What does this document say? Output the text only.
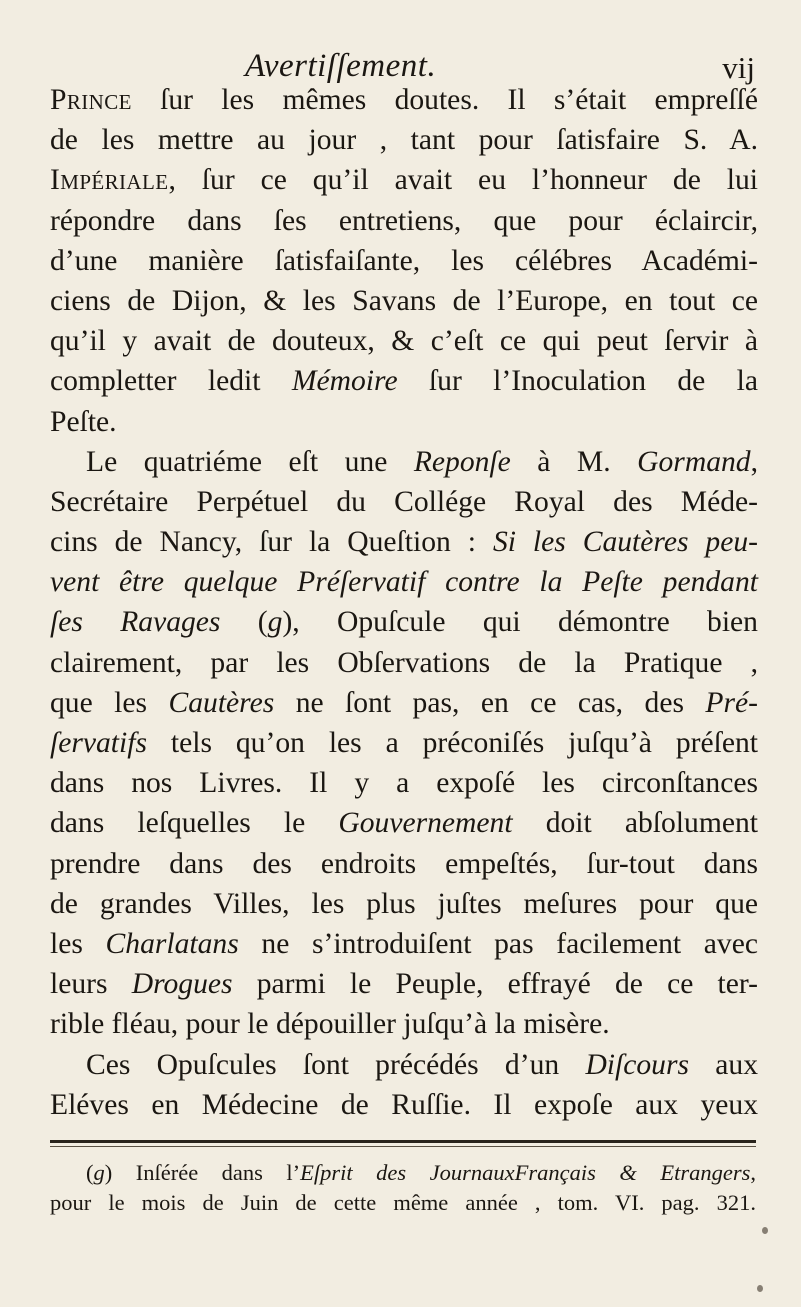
Avertiſſement.	vij
Prince ſur les mêmes doutes. Il s’était empreſſé
de les mettre au jour , tant pour ſatisfaire S. A.
Impériale, ſur ce qu’il avait eu l’honneur de lui
répondre dans ſes entretiens, que pour éclaircir,
d’une manière ſatisfaiſante, les célébres Académi-
ciens de Dijon, & les Savans de l’Europe, en tout ce
qu’il y avait de douteux, & c’eſt ce qui peut ſervir à
completter ledit Mémoire ſur l’Inoculation de la
Peſte.
Le quatriéme eſt une Reponſe à M. Gormand,
Secrétaire Perpétuel du Collége Royal des Méde-
cins de Nancy, ſur la Queſtion : Si les Cautères peu-
vent être quelque Préſervatif contre la Peſte pendant
ſes Ravages (g), Opuſcule qui démontre bien
clairement, par les Obſervations de la Pratique ,
que les Cautères ne ſont pas, en ce cas, des Pré-
ſervatifs tels qu’on les a préconiſés juſqu’à préſent
dans nos Livres. Il y a expoſé les circonſtances
dans leſquelles le Gouvernement doit abſolument
prendre dans des endroits empeſtés, ſur-tout dans
de grandes Villes, les plus juſtes meſures pour que
les Charlatans ne s’introduiſent pas facilement avec
leurs Drogues parmi le Peuple, effrayé de ce ter-
rible fléau, pour le dépouiller juſqu’à la misère.
Ces Opuſcules ſont précédés d’un Diſcours aux
Eléves en Médecine de Ruſſie. Il expoſe aux yeux
(g) Inſérée dans l’Eſprit des JournauxFrançais & Etrangers,
pour le mois de Juin de cette même année , tom. VI. pag. 321.
